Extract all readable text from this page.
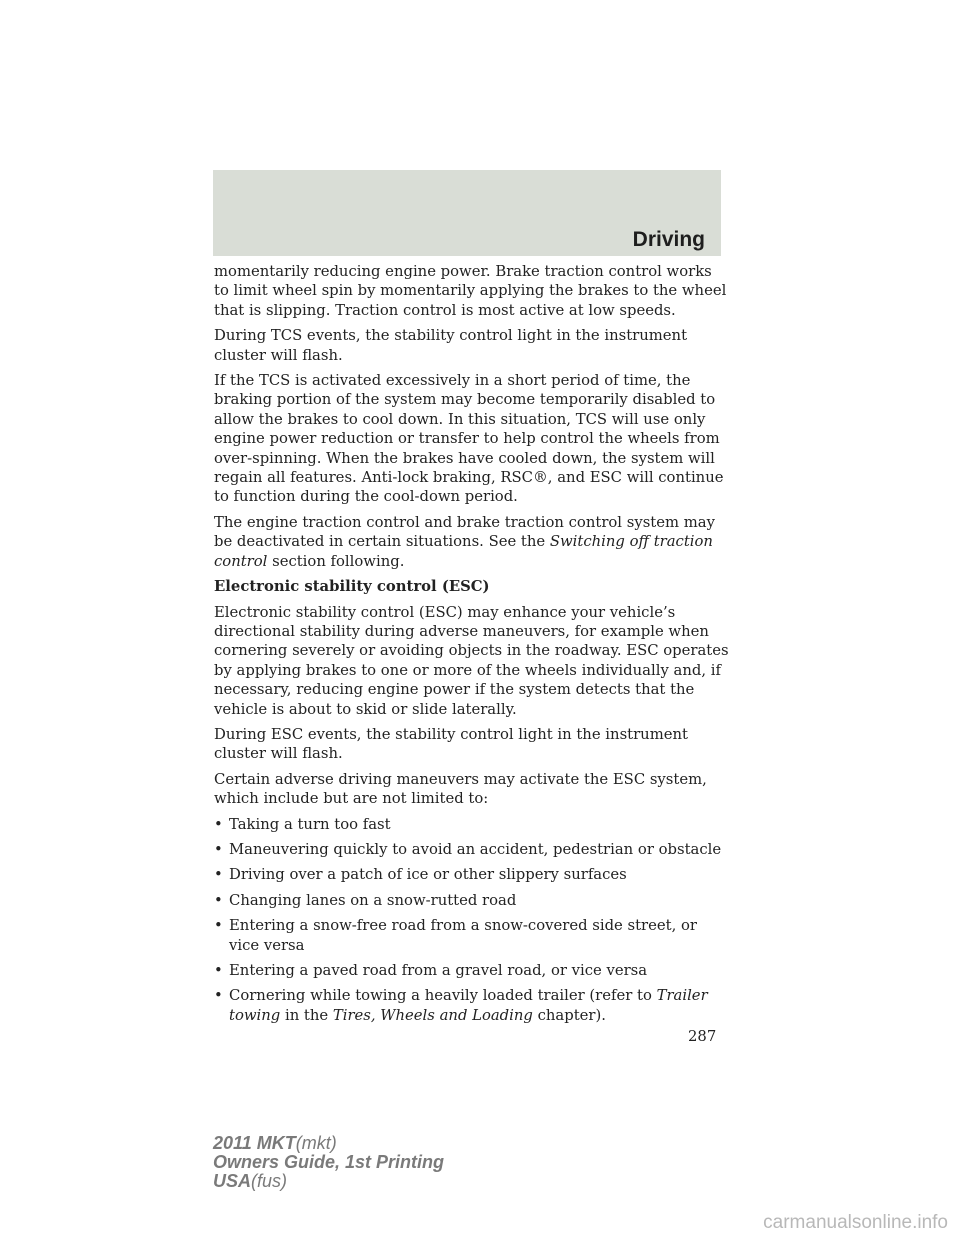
Driving

momentarily reducing engine power. Brake traction control works to limit wheel spin by momentarily applying the brakes to the wheel that is slipping. Traction control is most active at low speeds.

During TCS events, the stability control light in the instrument cluster will flash.

If the TCS is activated excessively in a short period of time, the braking portion of the system may become temporarily disabled to allow the brakes to cool down. In this situation, TCS will use only engine power reduction or transfer to help control the wheels from over-spinning. When the brakes have cooled down, the system will regain all features. Anti-lock braking, RSC®, and ESC will continue to function during the cool-down period.

The engine traction control and brake traction control system may be deactivated in certain situations. See the Switching off traction control section following.

Electronic stability control (ESC)

Electronic stability control (ESC) may enhance your vehicle’s directional stability during adverse maneuvers, for example when cornering severely or avoiding objects in the roadway. ESC operates by applying brakes to one or more of the wheels individually and, if necessary, reducing engine power if the system detects that the vehicle is about to skid or slide laterally.

During ESC events, the stability control light in the instrument cluster will flash.

Certain adverse driving maneuvers may activate the ESC system, which include but are not limited to:

• Taking a turn too fast
• Maneuvering quickly to avoid an accident, pedestrian or obstacle
• Driving over a patch of ice or other slippery surfaces
• Changing lanes on a snow-rutted road
• Entering a snow-free road from a snow-covered side street, or vice versa
• Entering a paved road from a gravel road, or vice versa
• Cornering while towing a heavily loaded trailer (refer to Trailer towing in the Tires, Wheels and Loading chapter).
287
2011 MKT(mkt)
Owners Guide, 1st Printing
USA(fus)
carmanualsonline.info
